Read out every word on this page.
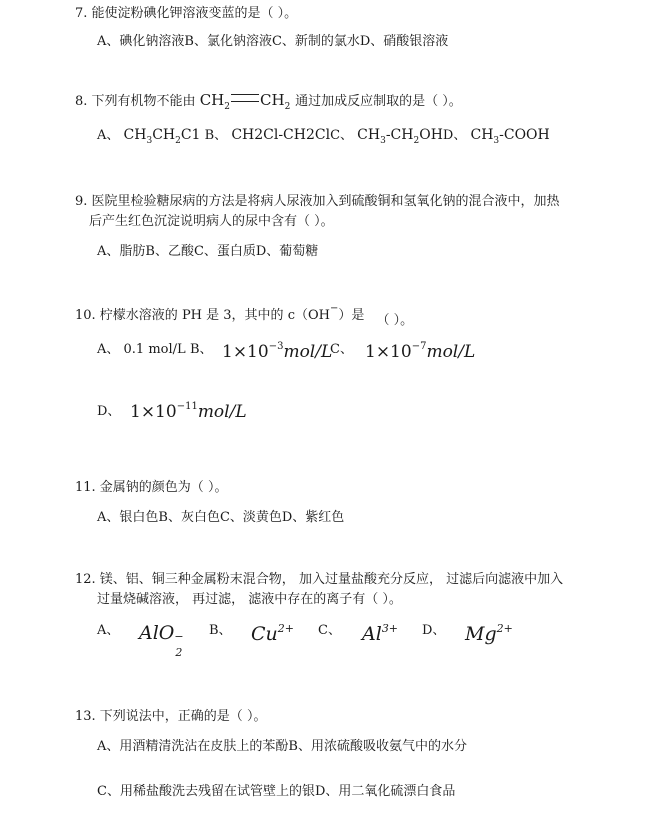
7. 能使淀粉碘化钾溶液变蓝的是（ ）。
A、碘化钠溶液B、氯化钠溶液C、新制的氯水D、硝酸银溶液
8. 下列有机物不能由 $CH_2$ $CH_2$ 通过加成反应制取的是（ ）。
A、 $CH_3CH_2C1$ B、 CH2Cl-CH2ClC、 $CH_3-CH_2OHD$、 $CH_3$-COOH
9. 医院里检验糖尿病的方法是将病人尿液加入到硫酸铜和氢氧化钠的混合液中，加热
后产生红色沉淀说明病人的尿中含有（ ）。
A、脂肪B、乙酸C、蛋白质D、葡萄糖
10. 柠檬水溶液的 PH 是 3，其中的 c（OH−）是 （ ）。
A、 0.1 mol/L B、 $1\times 10^{-3}mol/L$
C、 $1\times 10^{-7}mol/L$
D、 $1\times 10^{-11}mol/L$
11. 金属钠的颜色为（ ）。
A、银白色B、灰白色C、淡黄色D、紫红色
12. 镁、铝、铜三种金属粉末混合物， 加入过量盐酸充分反应， 过滤后向滤液中加入
过量烧碱溶液， 再过滤， 滤液中存在的离子有（ ）。
A、 AlO −
2
B、 $Cu^{2+}$ C、 $Al^{3+}$ D、 $Mg^{2+}$
13. 下列说法中，正确的是（ ）。
A、用酒精清洗沾在皮肤上的苯酚B、用浓硫酸吸收氨气中的水分
C、用稀盐酸洗去残留在试管壁上的银D、用二氧化硫漂白食品
